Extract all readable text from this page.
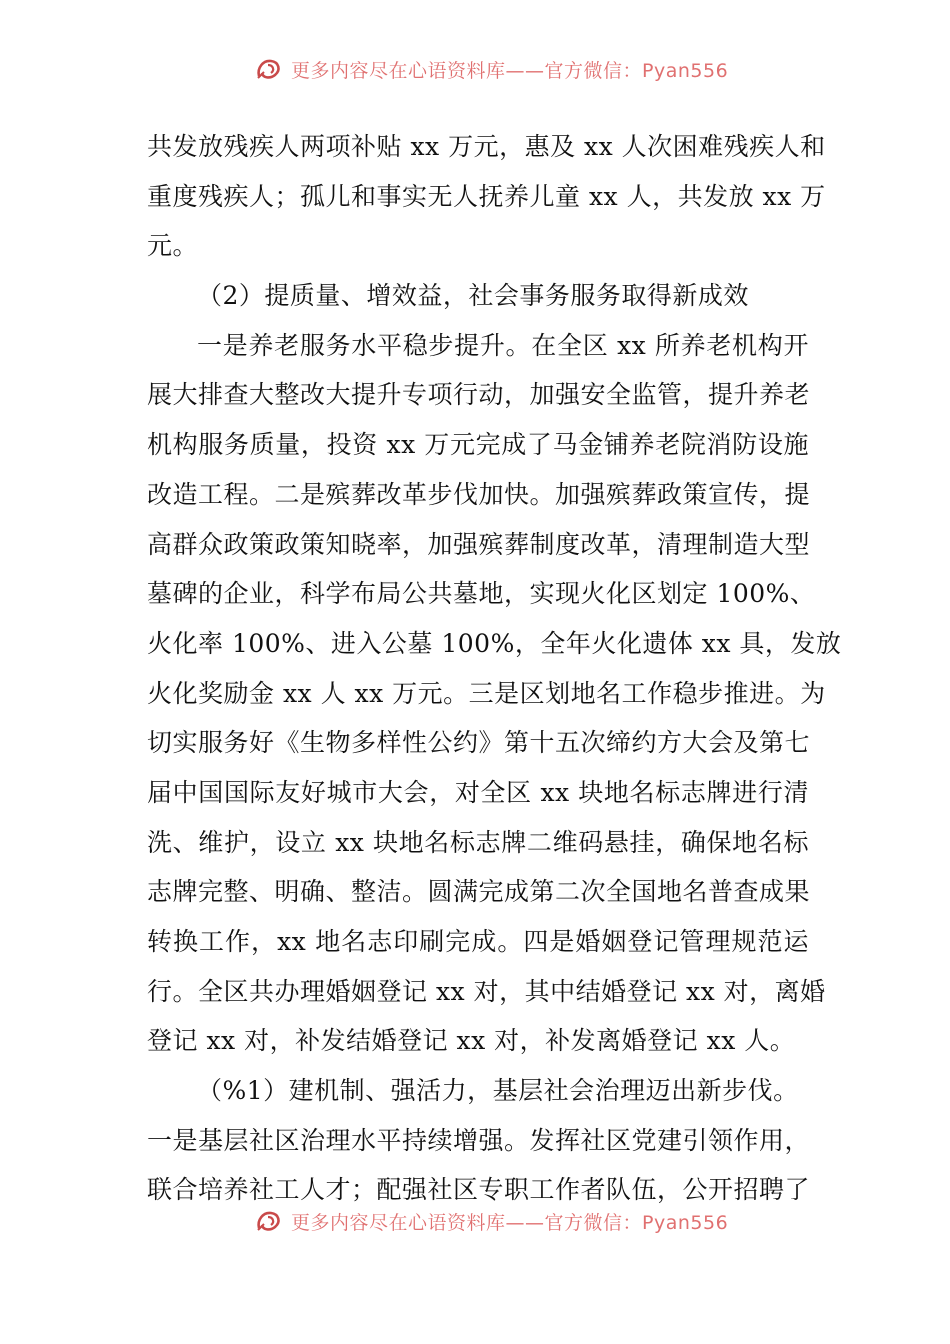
更多内容尽在心语资料库——官方微信：Pyan556
共发放残疾人两项补贴 xx 万元，惠及 xx 人次困难残疾人和
重度残疾人；孤儿和事实无人抚养儿童 xx 人，共发放 xx 万
元。
（2）提质量、增效益，社会事务服务取得新成效
一是养老服务水平稳步提升。在全区 xx 所养老机构开
展大排查大整改大提升专项行动，加强安全监管，提升养老
机构服务质量，投资 xx 万元完成了马金铺养老院消防设施
改造工程。二是殡葬改革步伐加快。加强殡葬政策宣传，提
高群众政策政策知晓率，加强殡葬制度改革，清理制造大型
墓碑的企业，科学布局公共墓地，实现火化区划定 100%、
火化率 100%、进入公墓 100%，全年火化遗体 xx 具，发放
火化奖励金 xx 人 xx 万元。三是区划地名工作稳步推进。为
切实服务好《生物多样性公约》第十五次缔约方大会及第七
届中国国际友好城市大会，对全区 xx 块地名标志牌进行清
洗、维护，设立 xx 块地名标志牌二维码悬挂，确保地名标
志牌完整、明确、整洁。圆满完成第二次全国地名普查成果
转换工作，xx 地名志印刷完成。四是婚姻登记管理规范运
行。全区共办理婚姻登记 xx 对，其中结婚登记 xx 对，离婚
登记 xx 对，补发结婚登记 xx 对，补发离婚登记 xx 人。
（%1）建机制、强活力，基层社会治理迈出新步伐。
一是基层社区治理水平持续增强。发挥社区党建引领作用，
联合培养社工人才；配强社区专职工作者队伍，公开招聘了
更多内容尽在心语资料库——官方微信：Pyan556
